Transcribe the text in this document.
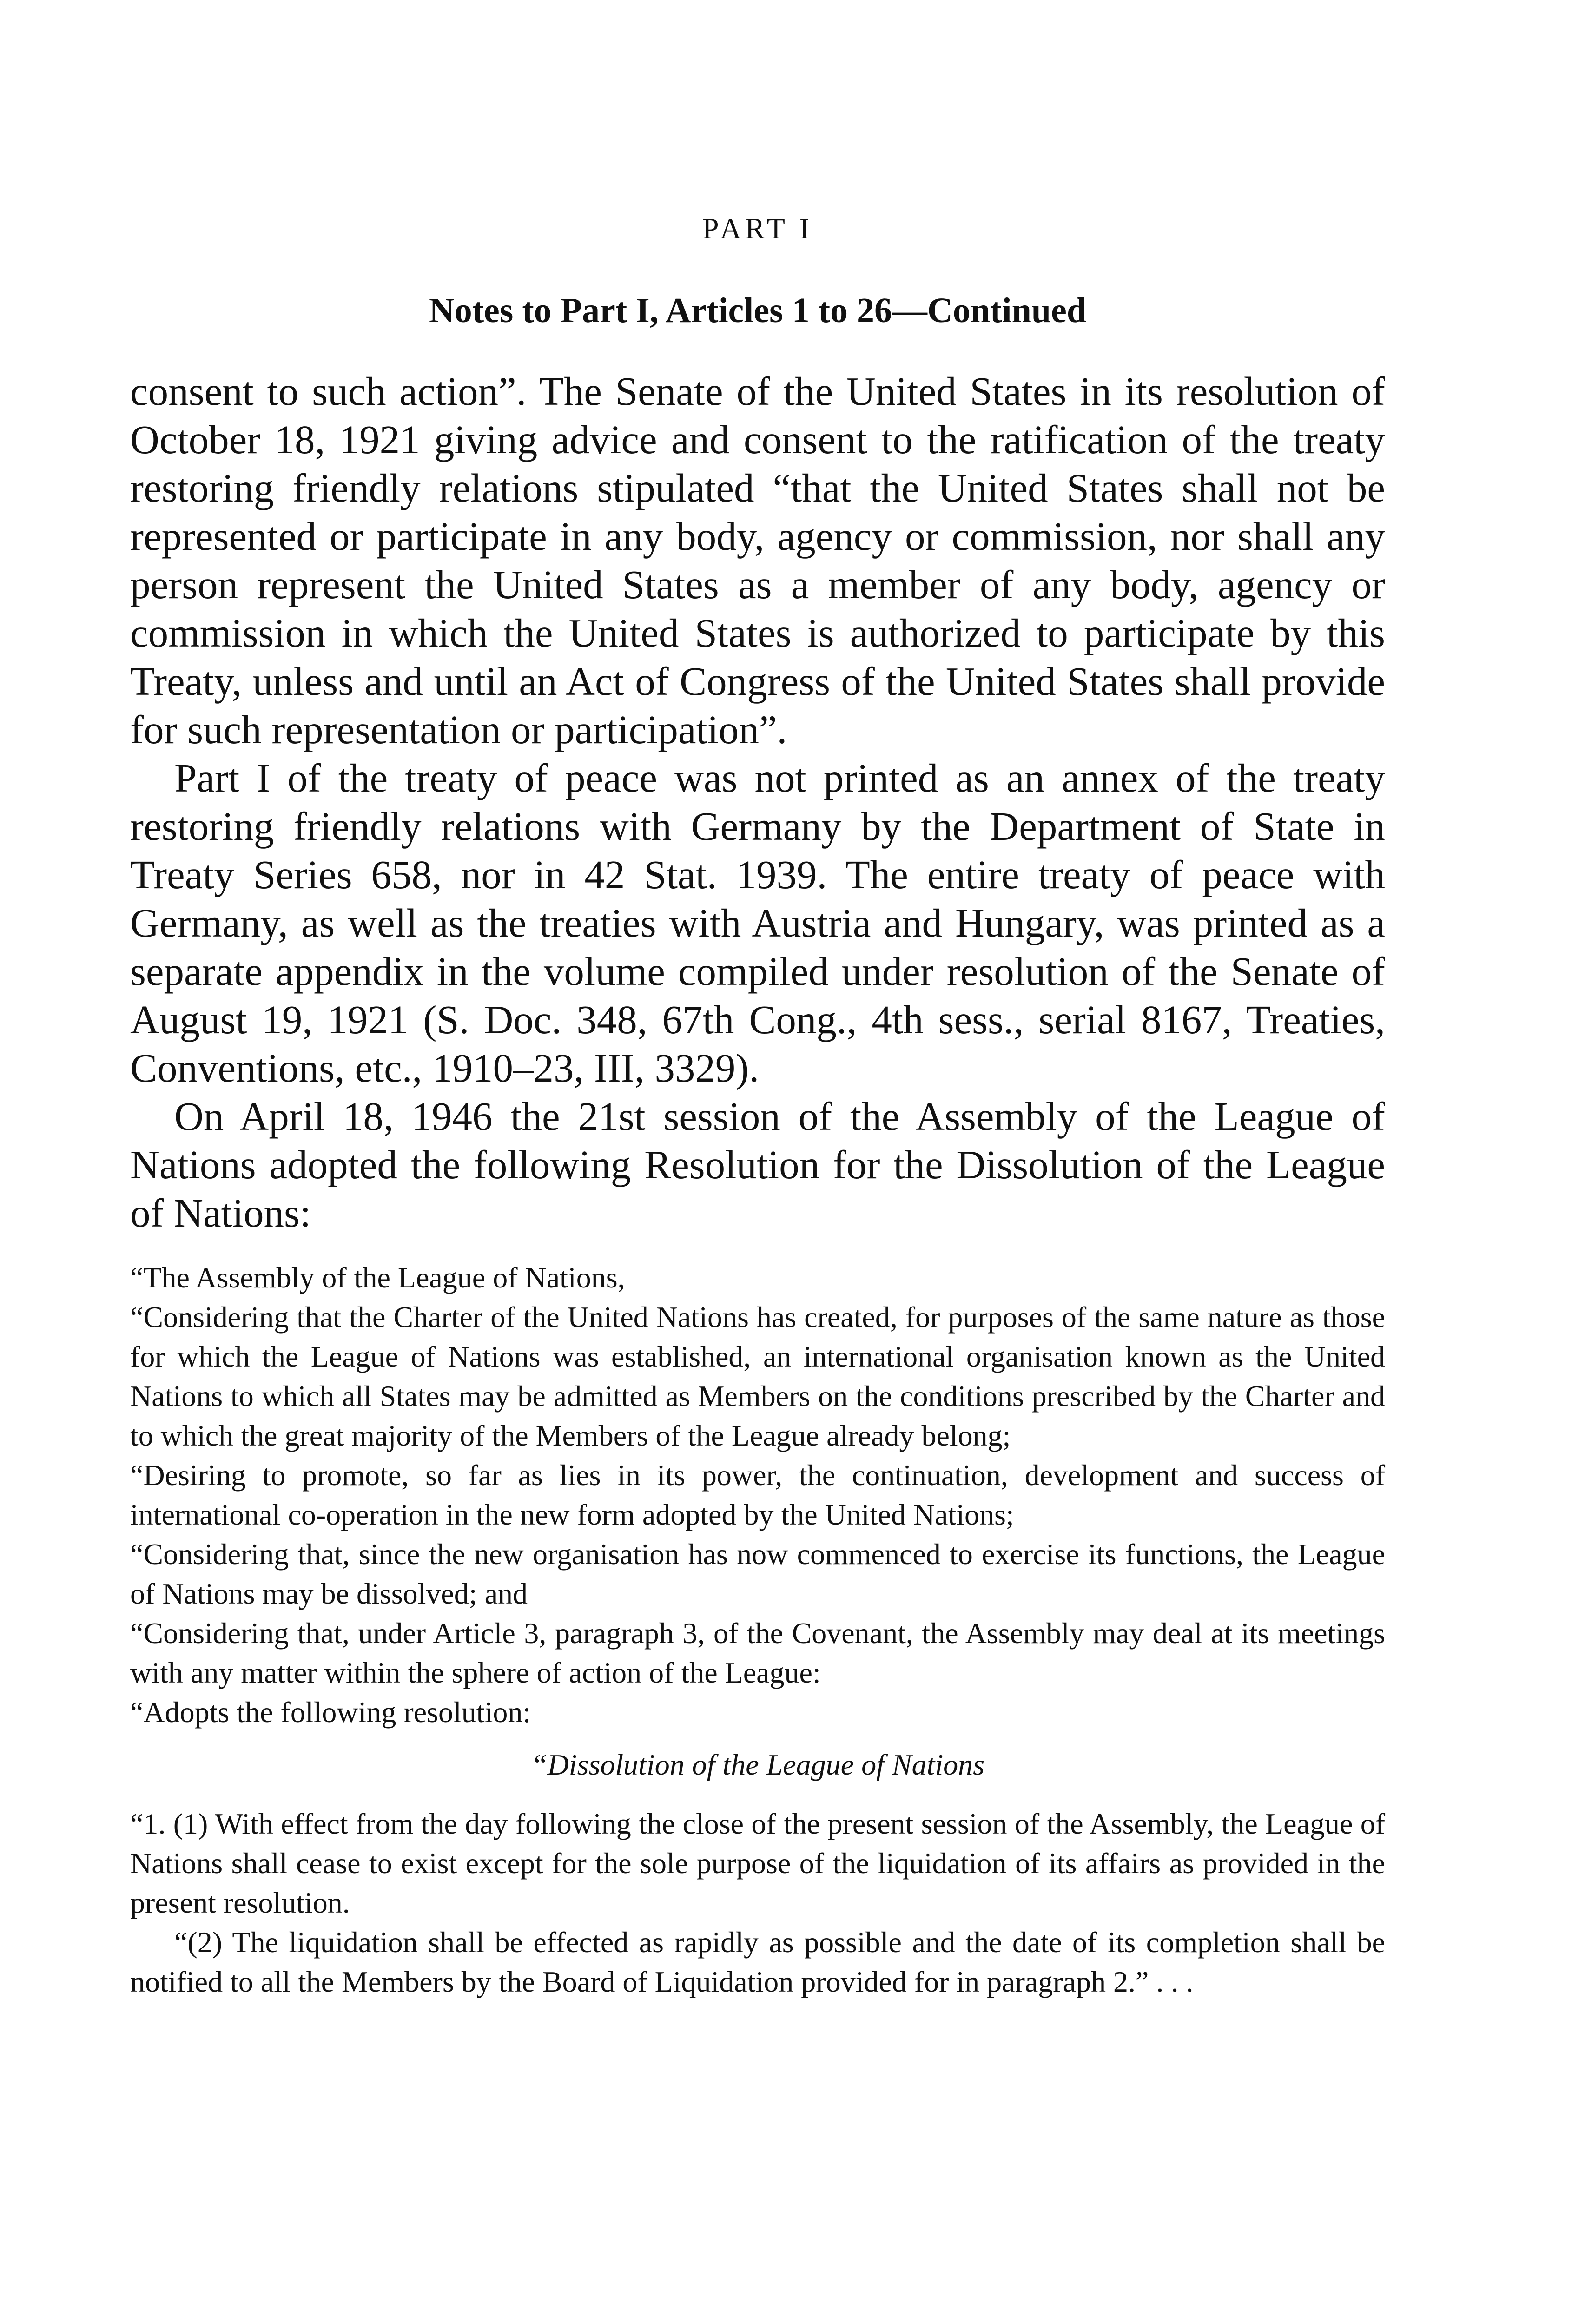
PART I
Notes to Part I, Articles 1 to 26—Continued

consent to such action”. The Senate of the United States in its resolution of October 18, 1921 giving advice and consent to the ratification of the treaty restoring friendly relations stipulated “that the United States shall not be represented or participate in any body, agency or commission, nor shall any person represent the United States as a member of any body, agency or commission in which the United States is authorized to participate by this Treaty, unless and until an Act of Congress of the United States shall provide for such representation or participation”.

Part I of the treaty of peace was not printed as an annex of the treaty restoring friendly relations with Germany by the Department of State in Treaty Series 658, nor in 42 Stat. 1939. The entire treaty of peace with Germany, as well as the treaties with Austria and Hungary, was printed as a separate appendix in the volume compiled under resolution of the Senate of August 19, 1921 (S. Doc. 348, 67th Cong., 4th sess., serial 8167, Treaties, Conventions, etc., 1910–23, III, 3329).

On April 18, 1946 the 21st session of the Assembly of the League of Nations adopted the following Resolution for the Dissolution of the League of Nations:

“The Assembly of the League of Nations,

“Considering that the Charter of the United Nations has created, for purposes of the same nature as those for which the League of Nations was established, an international organisation known as the United Nations to which all States may be admitted as Members on the conditions prescribed by the Charter and to which the great majority of the Members of the League already belong;

“Desiring to promote, so far as lies in its power, the continuation, development and success of international co-operation in the new form adopted by the United Nations;

“Considering that, since the new organisation has now commenced to exercise its functions, the League of Nations may be dissolved; and

“Considering that, under Article 3, paragraph 3, of the Covenant, the Assembly may deal at its meetings with any matter within the sphere of action of the League:

“Adopts the following resolution:

“Dissolution of the League of Nations

“1. (1) With effect from the day following the close of the present session of the Assembly, the League of Nations shall cease to exist except for the sole purpose of the liquidation of its affairs as provided in the present resolution.

“(2) The liquidation shall be effected as rapidly as possible and the date of its completion shall be notified to all the Members by the Board of Liquidation provided for in paragraph 2.” . . .
